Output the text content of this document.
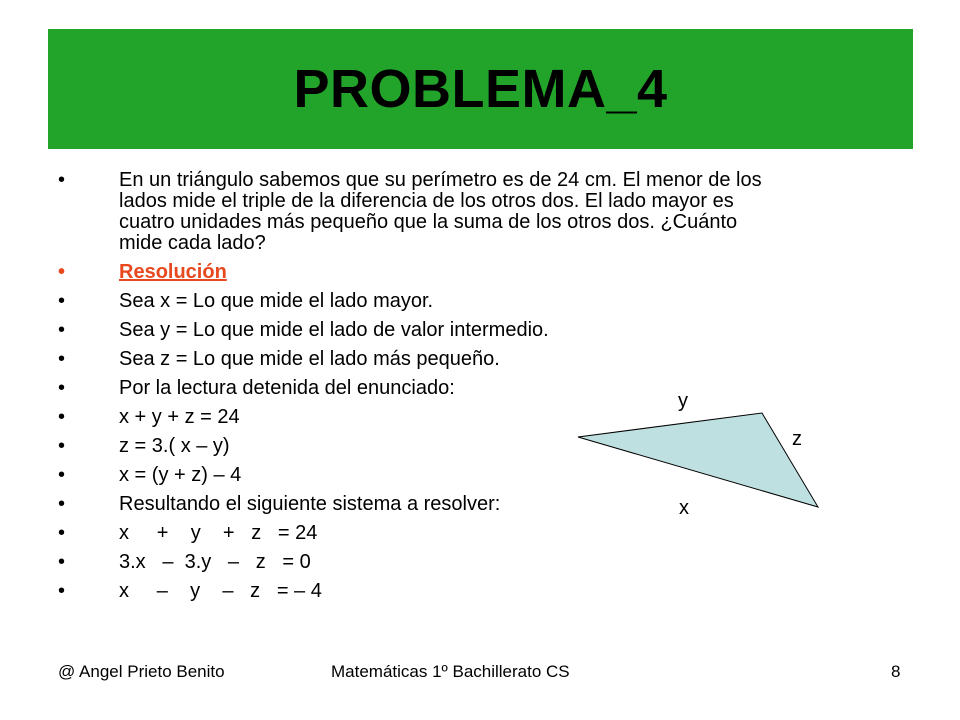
PROBLEMA_4
• En un triángulo sabemos que su perímetro es de 24 cm. El menor de los
lados mide el triple de la diferencia de los otros dos. El lado mayor es
cuatro unidades más pequeño que la suma de los otros dos. ¿Cuánto
mide cada lado?
• Resolución
• Sea x = Lo que mide el lado mayor.
• Sea y = Lo que mide el lado de valor intermedio.
• Sea z = Lo que mide el lado más pequeño.
• Por la lectura detenida del enunciado:
• x + y + z = 24
• z = 3.( x – y)
• x = (y + z) – 4
• Resultando el siguiente sistema a resolver:
• x     +    y    +   z   = 24
• 3.x   –  3.y   –   z   = 0
• x     –    y    –   z   = – 4
y
z
x
@ Angel Prieto Benito	Matemáticas 1º Bachillerato CS	8
